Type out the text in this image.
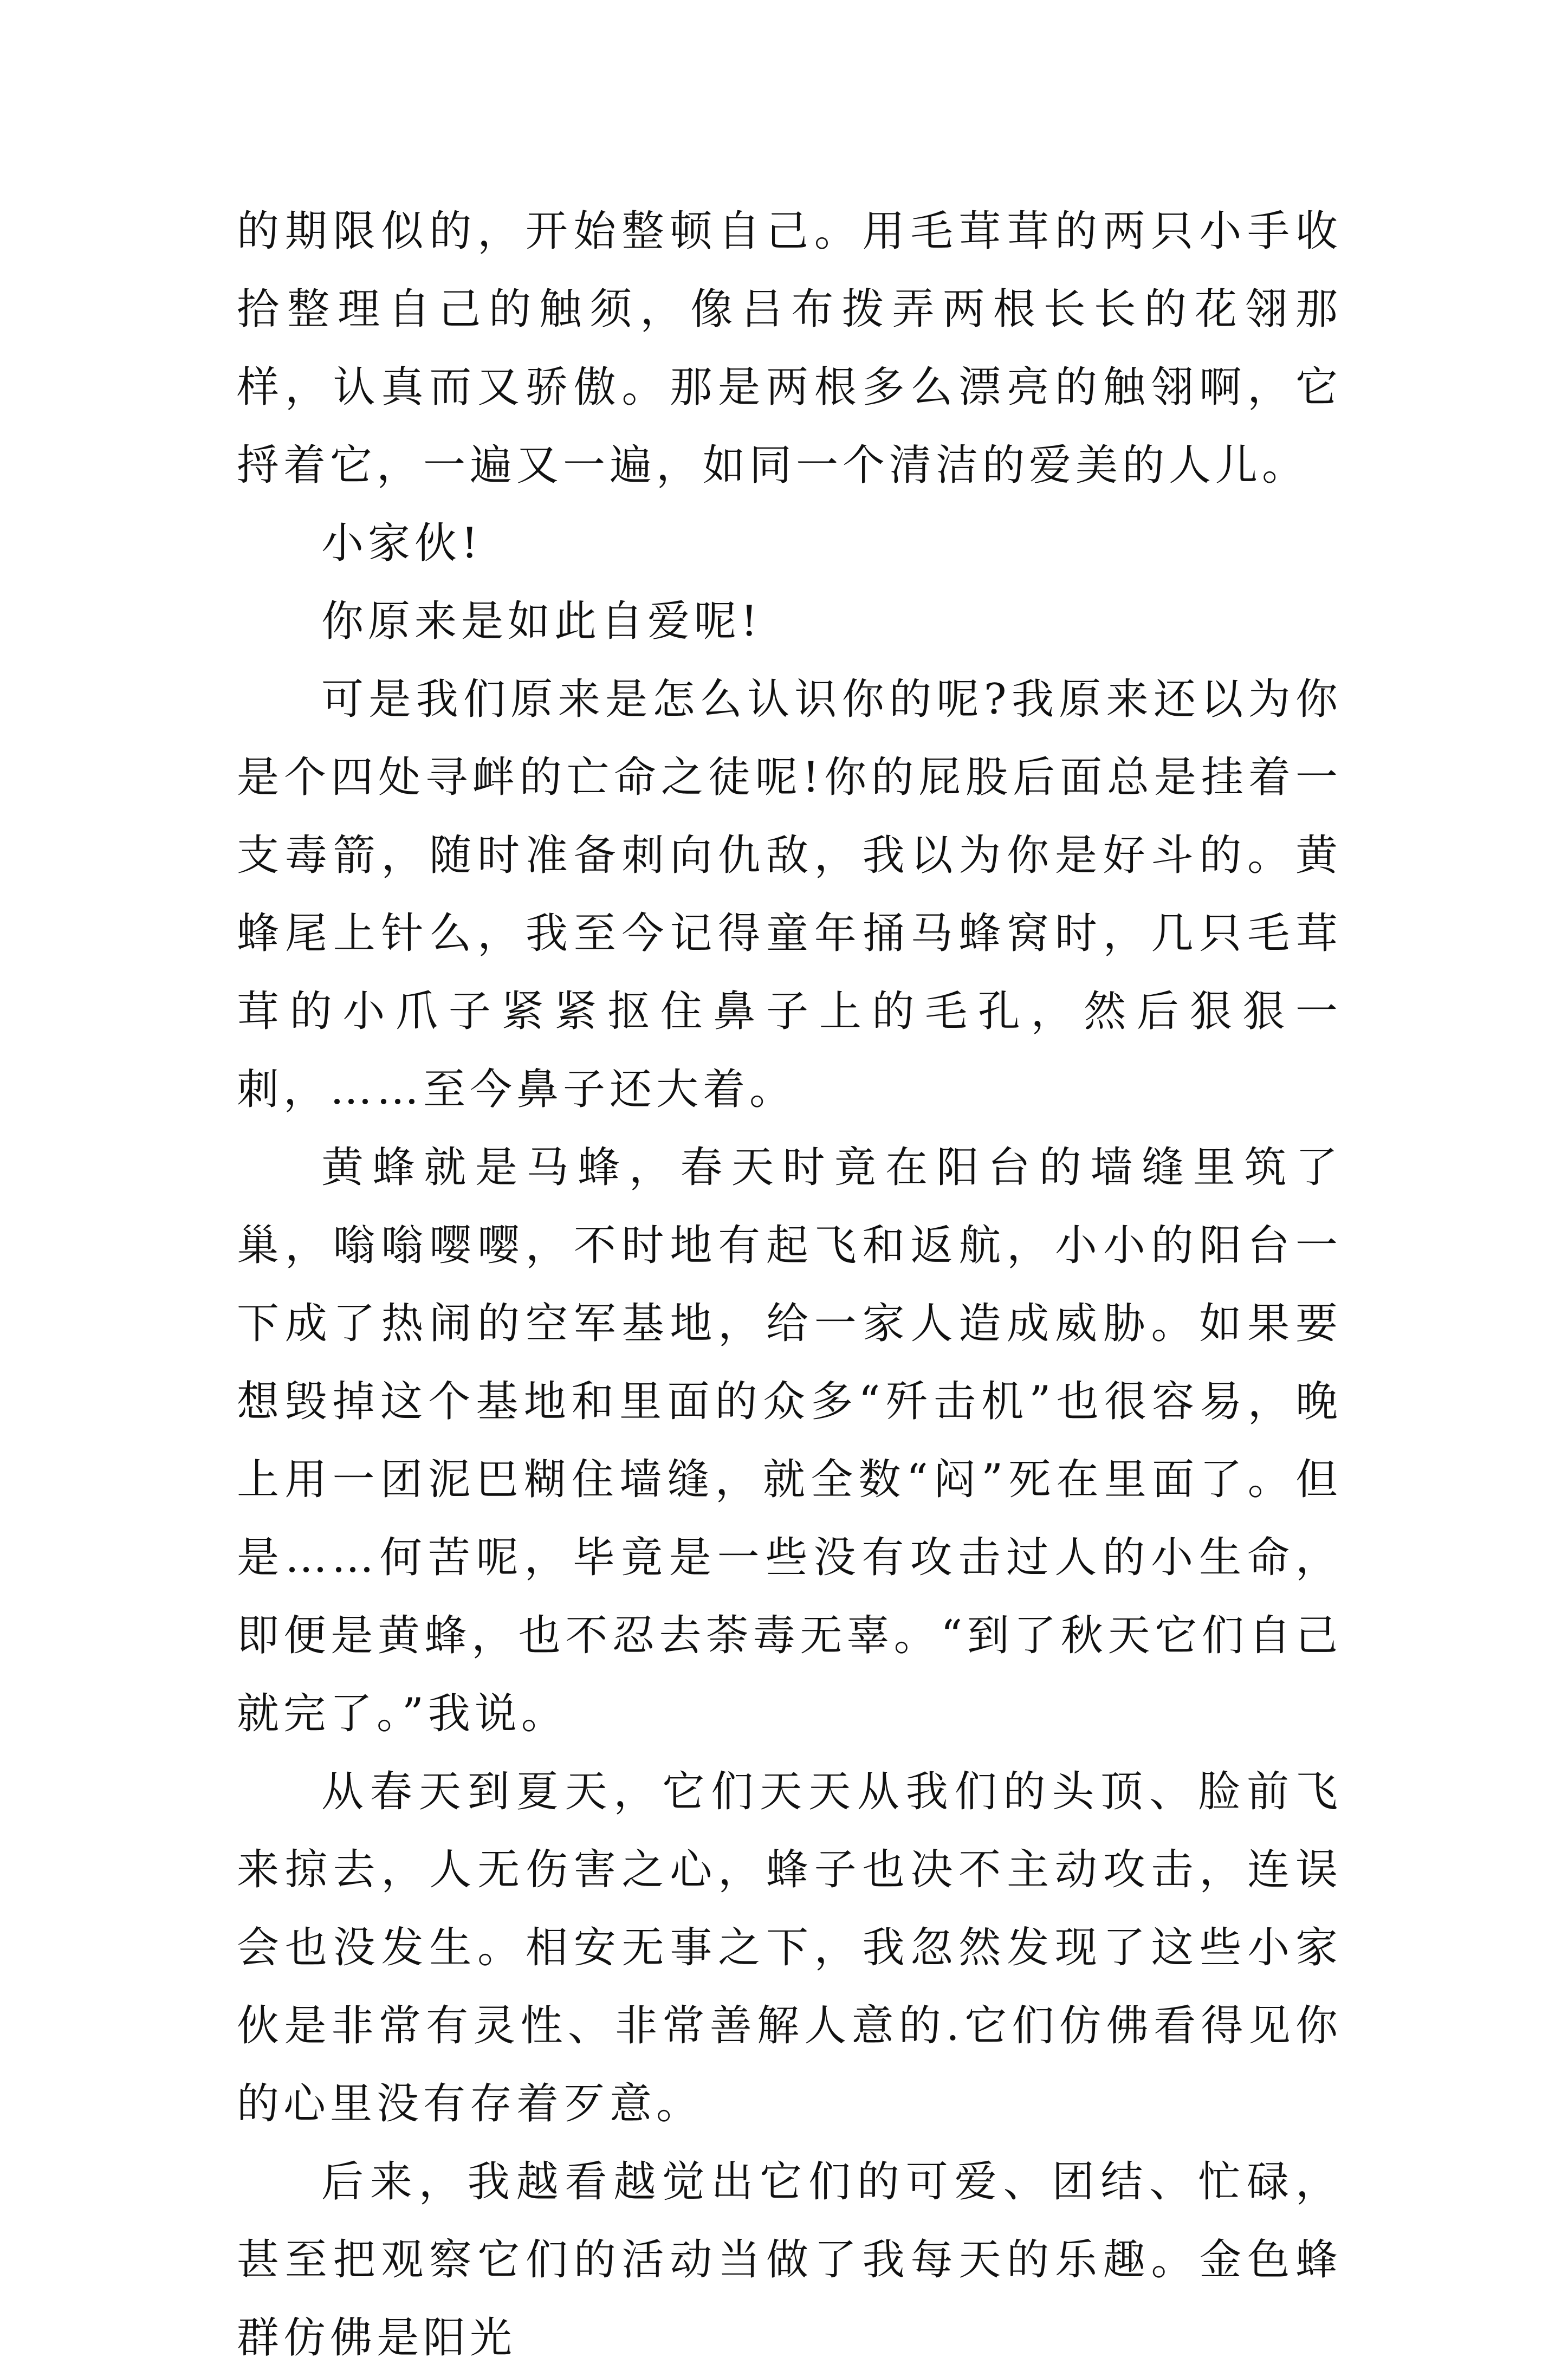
的期限似的，开始整顿自己。用毛茸茸的两只小手收拾整理自己的触须，像吕布拨弄两根长长的花翎那样，认真而又骄傲。那是两根多么漂亮的触翎啊，它捋着它，一遍又一遍，如同一个清洁的爱美的人儿。

小家伙!

你原来是如此自爱呢!

可是我们原来是怎么认识你的呢?我原来还以为你是个四处寻衅的亡命之徒呢!你的屁股后面总是挂着一支毒箭，随时准备刺向仇敌，我以为你是好斗的。黄蜂尾上针么，我至今记得童年捅马蜂窝时，几只毛茸茸的小爪子紧紧抠住鼻子上的毛孔，然后狠狠一刺，……至今鼻子还大着。

黄蜂就是马蜂，春天时竟在阳台的墙缝里筑了巢，嗡嗡嘤嘤，不时地有起飞和返航，小小的阳台一下成了热闹的空军基地，给一家人造成威胁。如果要想毁掉这个基地和里面的众多“歼击机”也很容易，晚上用一团泥巴糊住墙缝，就全数“闷”死在里面了。但是……何苦呢，毕竟是一些没有攻击过人的小生命，即便是黄蜂，也不忍去荼毒无辜。“到了秋天它们自己就完了。”我说。

从春天到夏天，它们天天从我们的头顶、脸前飞来掠去，人无伤害之心，蜂子也决不主动攻击，连误会也没发生。相安无事之下，我忽然发现了这些小家伙是非常有灵性、非常善解人意的.它们仿佛看得见你的心里没有存着歹意。

后来，我越看越觉出它们的可爱、团结、忙碌，甚至把观察它们的活动当做了我每天的乐趣。金色蜂群仿佛是阳光
